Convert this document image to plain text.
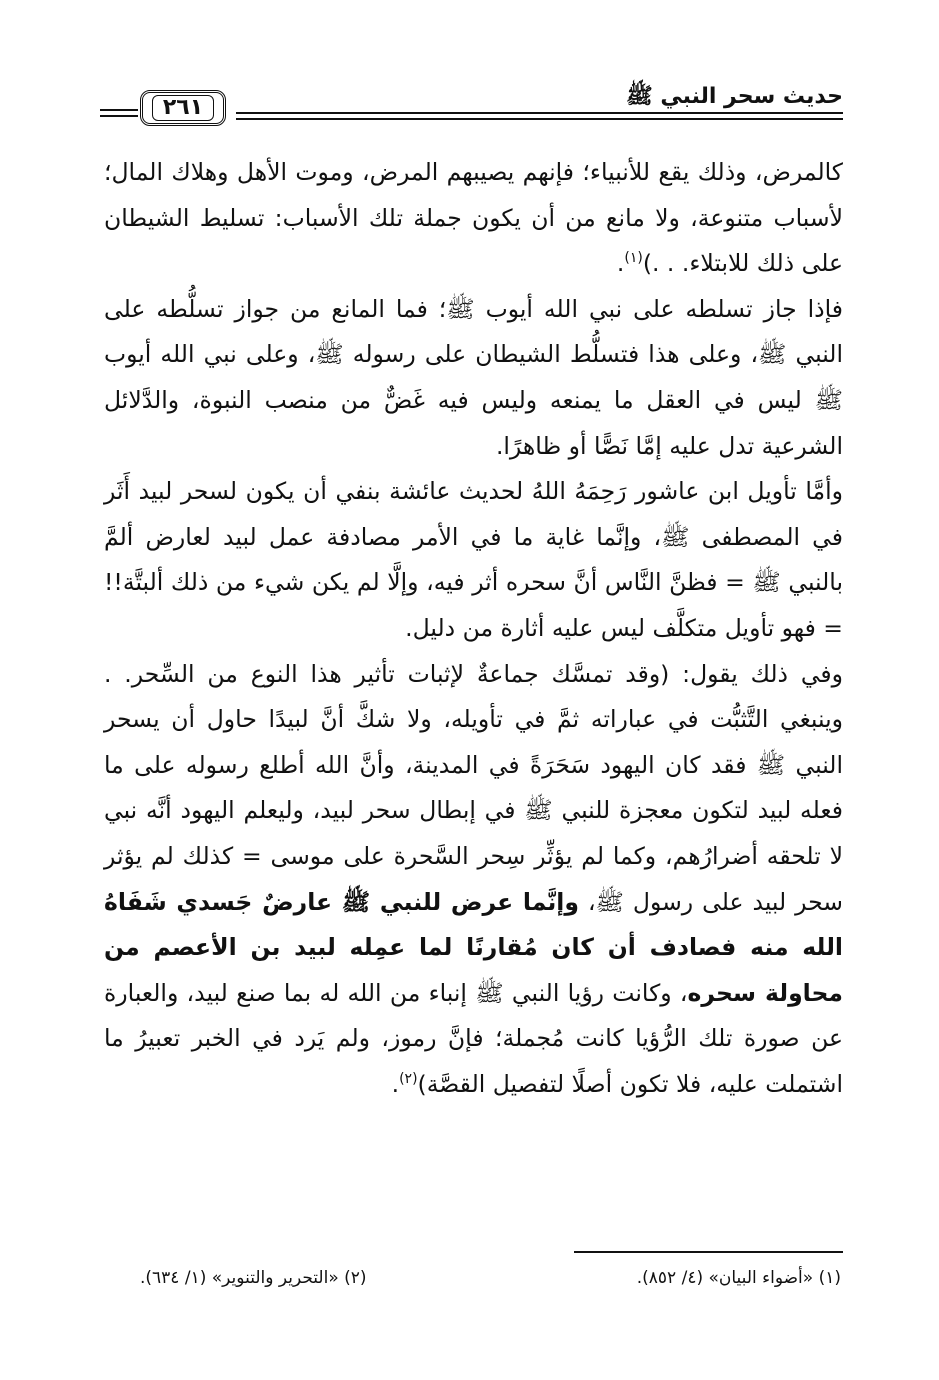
حديث سحر النبي ﷺ
٢٦١

كالمرض، وذلك يقع للأنبياء؛ فإنهم يصيبهم المرض، وموت الأهل وهلاك المال؛ لأسباب متنوعة، ولا مانع من أن يكون جملة تلك الأسباب: تسليط الشيطان على ذلك للابتلاء. . .)$^{(١)}$.

فإذا جاز تسلطه على نبي الله أيوب ﷺ؛ فما المانع من جواز تسلُّطه على النبي ﷺ، وعلى هذا فتسلُّط الشيطان على رسوله ﷺ، وعلى نبي الله أيوب ﷺ ليس في العقل ما يمنعه وليس فيه غَضٌّ من منصب النبوة، والدَّلائل الشرعية تدل عليه إمَّا نَصًّا أو ظاهرًا.

وأمَّا تأويل ابن عاشور رَحِمَهُ اللهُ لحديث عائشة بنفي أن يكون لسحر لبيد أَثَر في المصطفى ﷺ، وإنَّما غاية ما في الأمر مصادفة عمل لبيد لعارض ألمَّ بالنبي ﷺ = فظنَّ النَّاس أنَّ سحره أثر فيه، وإلَّا لم يكن شيء من ذلك ألبتَّة!! = فهو تأويل متكلَّف ليس عليه أثارة من دليل.

وفي ذلك يقول: (وقد تمسَّك جماعةٌ لإثبات تأثير هذا النوع من السِّحر. . وينبغي التَّثبُّت في عباراته ثمَّ في تأويله، ولا شكَّ أنَّ لبيدًا حاول أن يسحر النبي ﷺ فقد كان اليهود سَحَرَةً في المدينة، وأنَّ الله أطلع رسوله على ما فعله لبيد لتكون معجزة للنبي ﷺ في إبطال سحر لبيد، وليعلم اليهود أنَّه نبي لا تلحقه أضرارُهم، وكما لم يؤثِّر سِحر السَّحرة على موسى = كذلك لم يؤثر سحر لبيد على رسول ﷺ، وإنَّما عرض للنبي ﷺ عارضٌ جَسدي شَفَاهُ الله منه فصادف أن كان مُقارنًا لما عمِله لبيد بن الأعصم من محاولة سحره، وكانت رؤيا النبي ﷺ إنباء من الله له بما صنع لبيد، والعبارة عن صورة تلك الرُّؤيا كانت مُجملة؛ فإنَّ رموز، ولم يَرد في الخبر تعبيرُ ما اشتملت عليه، فلا تكون أصلًا لتفصيل القصَّة)$^{(٢)}$.

(١) «أضواء البيان» (٤/ ٨٥٢).
(٢) «التحرير والتنوير» (١/ ٦٣٤).
